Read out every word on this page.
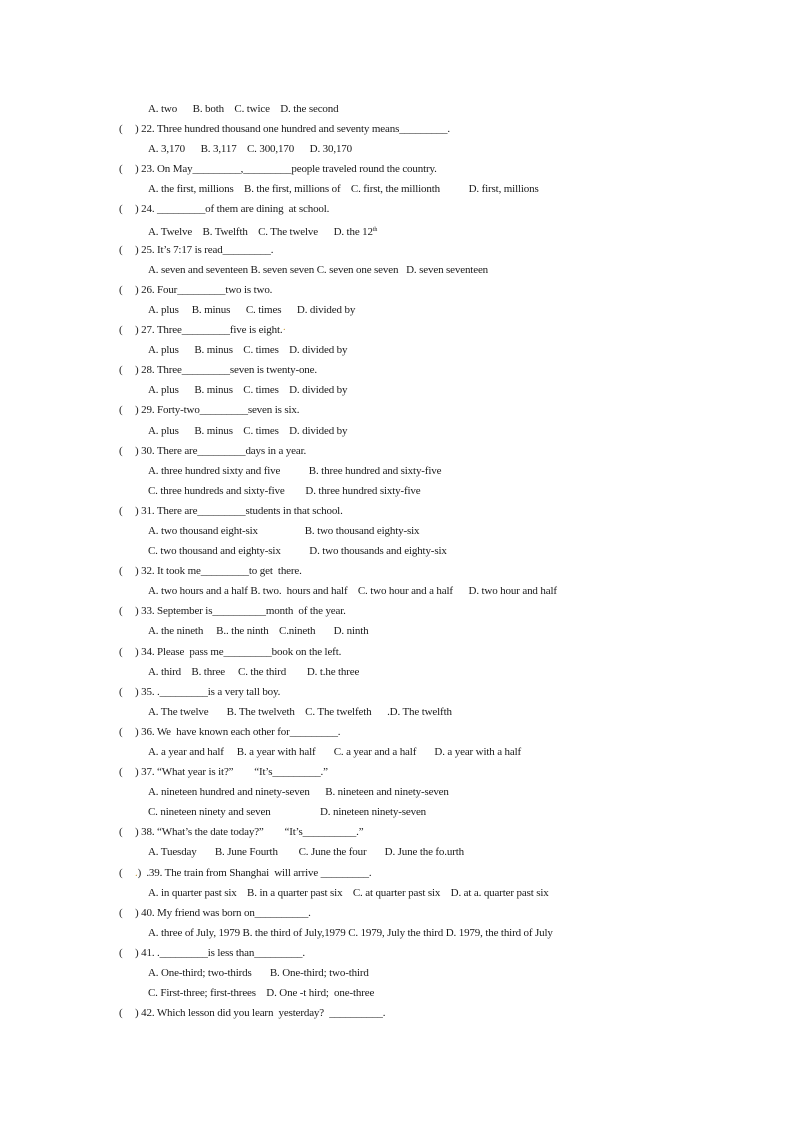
A. two      B. both    C. twice    D. the second
( ) 22. Three hundred thousand one hundred and seventy means_________.
A. 3,170      B. 3,117    C. 300,170      D. 30,170
( ) 23. On May_________,_________people traveled round the country.
A. the first, millions    B. the first, millions of    C. first, the millionth           D. first, millions
( ) 24. _________of them are dining  at school.
A. Twelve    B. Twelfth    C. The twelve      D. the 12th
( ) 25. It’s 7:17 is read_________.
A. seven and seventeen B. seven seven C. seven one seven   D. seven seventeen
( ) 26. Four_________two is two.
A. plus     B. minus      C. times      D. divided by
( ) 27. Three_________five is eight.·
A. plus      B. minus    C. times    D. divided by
( ) 28. Three_________seven is twenty-one.
A. plus      B. minus    C. times    D. divided by
( ) 29. Forty-two_________seven is six.
A. plus      B. minus    C. times    D. divided by
( ) 30. There are_________days in a year.
A. three hundred sixty and five           B. three hundred and sixty-five
C. three hundreds and sixty-five        D. three hundred sixty-five
( ) 31. There are_________students in that school.
A. two thousand eight-six                  B. two thousand eighty-six
C. two thousand and eighty-six           D. two thousands and eighty-six
( ) 32. It took me_________to get  there.
A. two hours and a half B. two.  hours and half    C. two hour and a half      D. two hour and half
( ) 33. September is__________month  of the year.
A. the nineth     B.. the ninth    C.nineth       D. ninth
( ) 34. Please  pass me_________book on the left.
A. third    B. three     C. the third        D. t.he three
( ) 35. ._________is a very tall boy.
A. The twelve       B. The twelveth    C. The twelfeth      .D. The twelfth
( ) 36. We  have known each other for_________.
A. a year and half     B. a year with half       C. a year and a half       D. a year with a half
( ) 37. “What year is it?”        “It’s_________.”
A. nineteen hundred and ninety-seven      B. nineteen and ninety-seven
C. nineteen ninety and seven                   D. nineteen ninety-seven
( ) 38. “What’s the date today?”        “It’s__________.”
A. Tuesday       B. June Fourth        C. June the four       D. June the fo.urth
( .)  .39. The train from Shanghai  will arrive _________.
A. in quarter past six    B. in a quarter past six    C. at quarter past six    D. at a. quarter past six
( ) 40. My friend was born on__________.
A. three of July, 1979 B. the third of July,1979 C. 1979, July the third D. 1979, the third of July
( ) 41. ._________is less than_________.
A. One-third; two-thirds       B. One-third; two-third
C. First-three; first-threes    D. One -t hird;  one-three
( ) 42. Which lesson did you learn  yesterday?  __________.
